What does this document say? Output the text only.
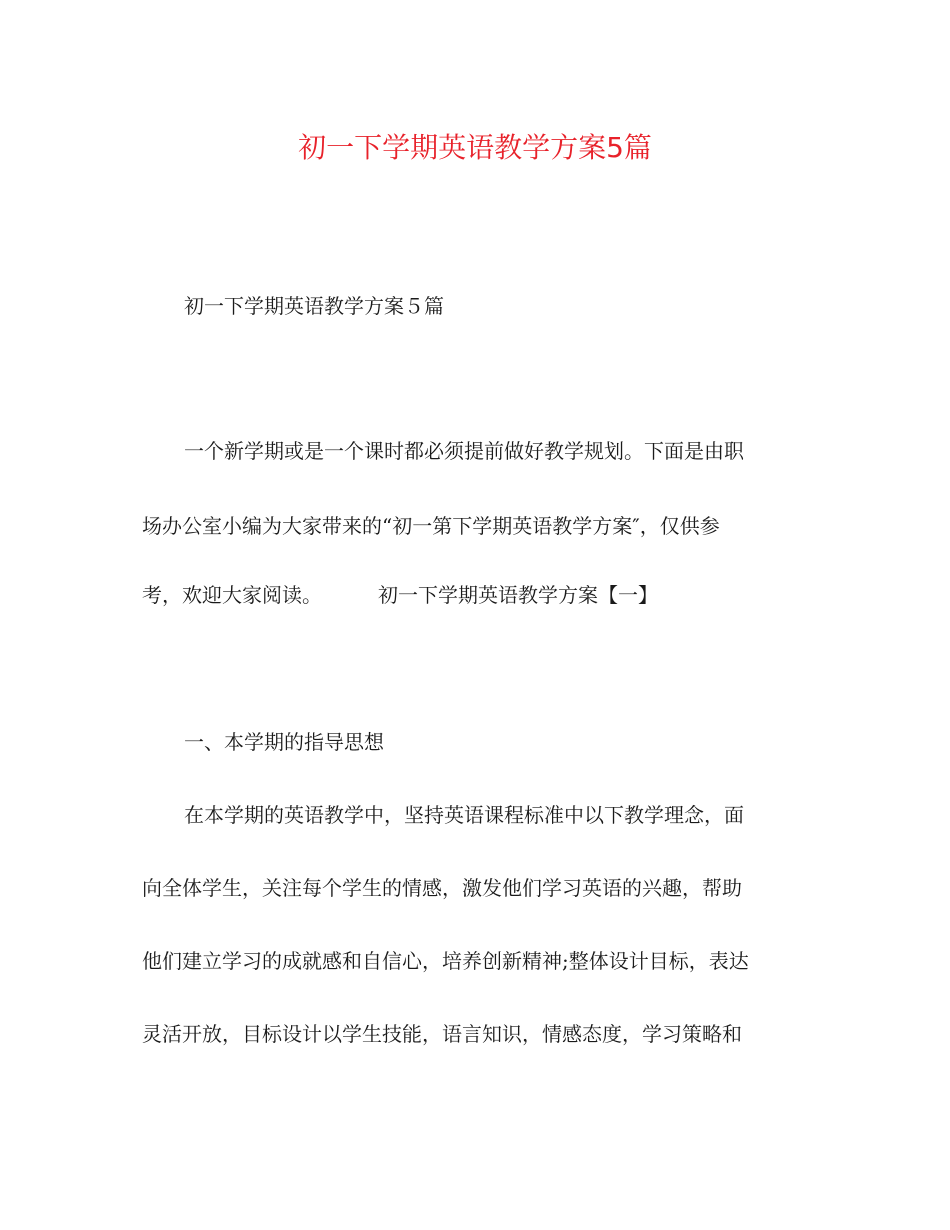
初一下学期英语教学方案5篇
初一下学期英语教学方案５篇
一个新学期或是一个课时都必须提前做好教学规划。下面是由职
场办公室小编为大家带来的“初一第下学期英语教学方案″，仅供参
考，欢迎大家阅读。	初一下学期英语教学方案【一】
一、本学期的指导思想
在本学期的英语教学中，坚持英语课程标准中以下教学理念，面
向全体学生，关注每个学生的情感，激发他们学习英语的兴趣，帮助
他们建立学习的成就感和自信心，培养创新精神;整体设计目标，表达
灵活开放，目标设计以学生技能，语言知识，情感态度，学习策略和
